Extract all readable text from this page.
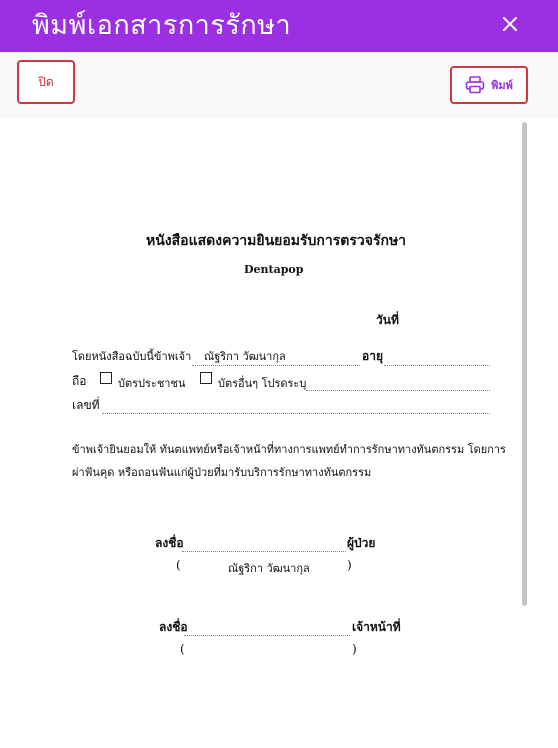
พิมพ์เอกสารการรักษา
ปิด	พิมพ์
หนังสือแสดงความยินยอมรับการตรวจรักษา
Dentapop
วันที่
โดยหนังสือฉบับนี้ข้าพเจ้า ณัฐริกา วัฒนากุล	อายุ
ถือ	บัตรประชาชน	บัตรอื่นๆ โปรดระบุ
เลขที่
ข้าพเจ้ายินยอมให้ ทันตแพทย์หรือเจ้าหน้าที่ทางการแพทย์ทำการรักษาทางทันตกรรม โดยการ
ผ่าฟันคุด หรือถอนฟันแก่ผู้ป่วยที่มารับบริการรักษาทางทันตกรรม
ลงชื่อ	ผู้ป่วย
(	ณัฐริกา วัฒนากุล	)
ลงชื่อ	เจ้าหน้าที่
(	)
